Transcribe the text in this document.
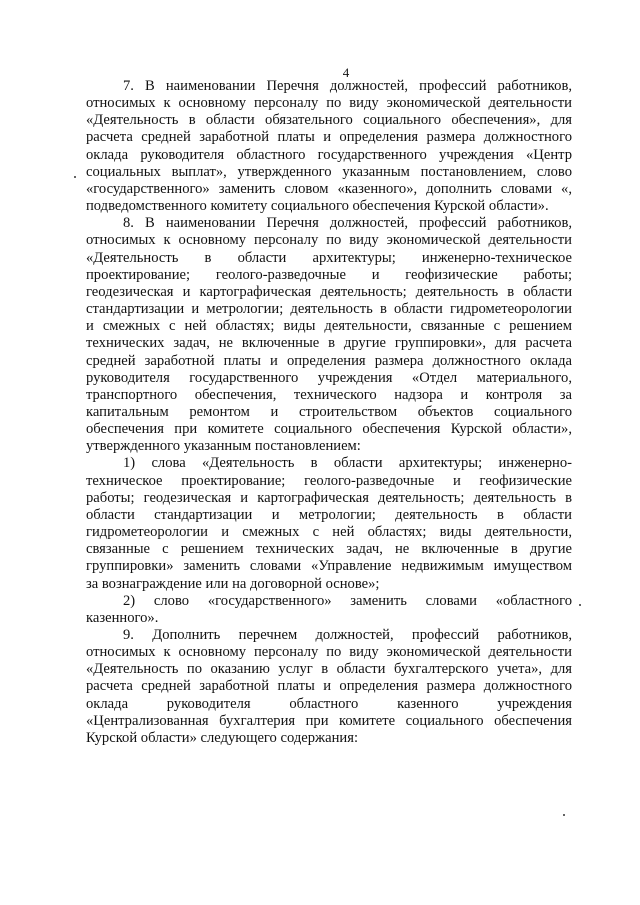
4

7. В наименовании Перечня должностей, профессий работников,
относимых к основному персоналу по виду экономической деятельности
«Деятельность в области обязательного социального обеспечения», для
расчета средней заработной платы и определения размера должностного
оклада руководителя областного государственного учреждения «Центр
социальных выплат», утвержденного указанным постановлением, слово
«государственного» заменить словом «казенного», дополнить словами «,
подведомственного комитету социального обеспечения Курской области».

8. В наименовании Перечня должностей, профессий работников,
относимых к основному персоналу по виду экономической деятельности
«Деятельность в области архитектуры; инженерно-техническое
проектирование; геолого-разведочные и геофизические работы;
геодезическая и картографическая деятельность; деятельность в области
стандартизации и метрологии; деятельность в области гидрометеорологии
и смежных с ней областях; виды деятельности, связанные с решением
технических задач, не включенные в другие группировки», для расчета
средней заработной платы и определения размера должностного оклада
руководителя государственного учреждения «Отдел материального,
транспортного обеспечения, технического надзора и контроля за
капитальным ремонтом и строительством объектов социального
обеспечения при комитете социального обеспечения Курской области»,
утвержденного указанным постановлением:

1) слова «Деятельность в области архитектуры; инженерно-
техническое проектирование; геолого-разведочные и геофизические
работы; геодезическая и картографическая деятельность; деятельность в
области стандартизации и метрологии; деятельность в области
гидрометеорологии и смежных с ней областях; виды деятельности,
связанные с решением технических задач, не включенные в другие
группировки» заменить словами «Управление недвижимым имуществом
за вознаграждение или на договорной основе»;

2) слово «государственного» заменить словами «областного
казенного».

9. Дополнить перечнем должностей, профессий работников,
относимых к основному персоналу по виду экономической деятельности
«Деятельность по оказанию услуг в области бухгалтерского учета», для
расчета средней заработной платы и определения размера должностного
оклада руководителя областного казенного учреждения
«Централизованная бухгалтерия при комитете социального обеспечения
Курской области» следующего содержания:
